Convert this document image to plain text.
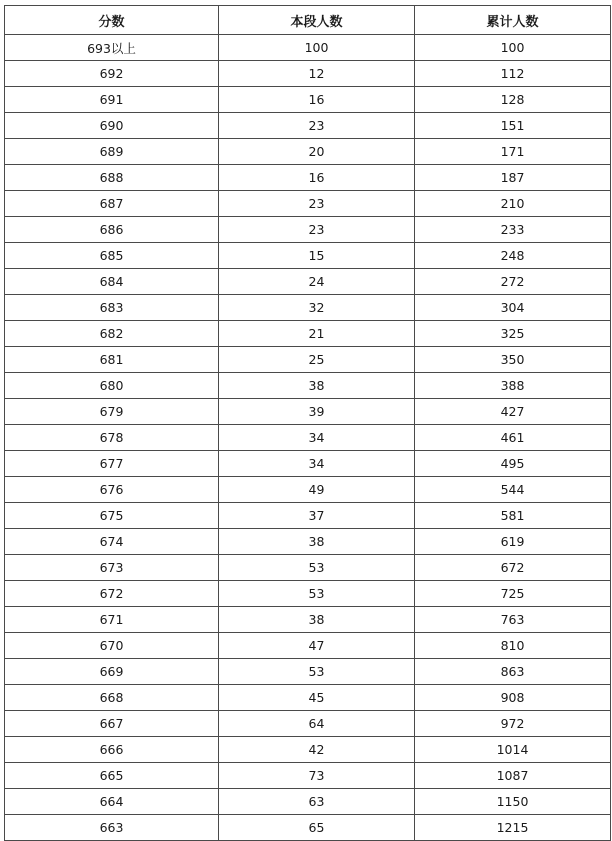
分数	本段人数	累计人数
693以上	100	100
692	12	112
691	16	128
690	23	151
689	20	171
688	16	187
687	23	210
686	23	233
685	15	248
684	24	272
683	32	304
682	21	325
681	25	350
680	38	388
679	39	427
678	34	461
677	34	495
676	49	544
675	37	581
674	38	619
673	53	672
672	53	725
671	38	763
670	47	810
669	53	863
668	45	908
667	64	972
666	42	1014
665	73	1087
664	63	1150
663	65	1215
